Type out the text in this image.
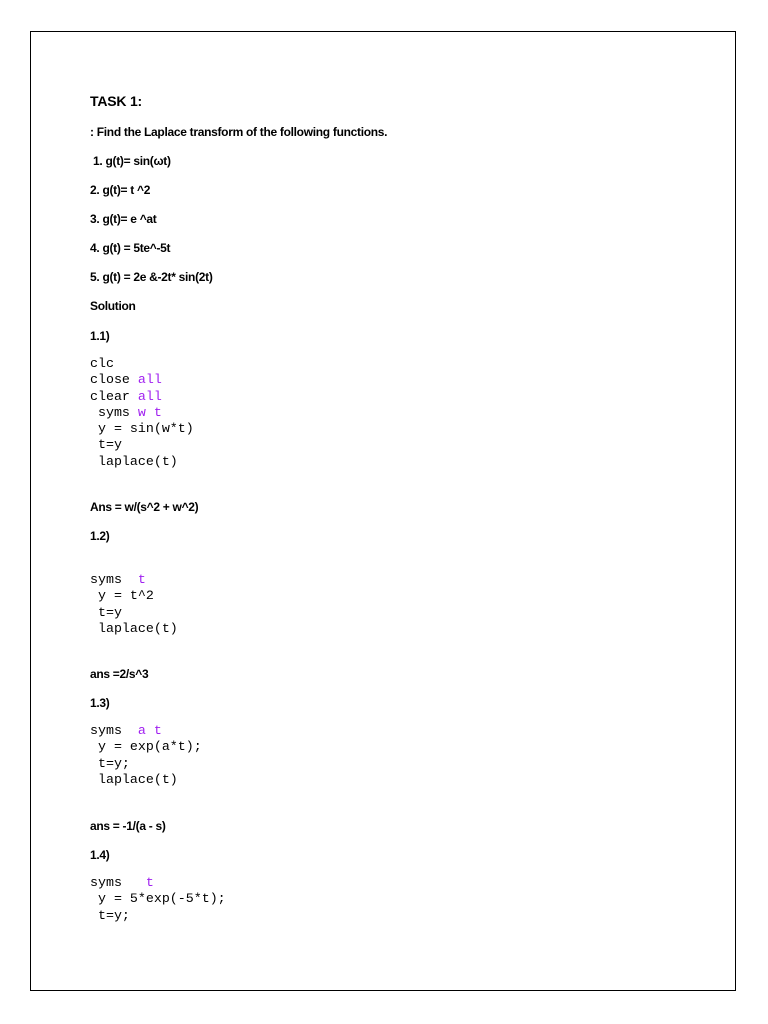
TASK 1:
: Find the Laplace transform of the following functions.
1. g(t)= sin(ωt)
2. g(t)= t ^2
3. g(t)= e ^at
4. g(t) = 5te^-5t
5. g(t) = 2e &-2t* sin(2t)
Solution
1.1)
clc
close all
clear all
syms w t
y = sin(w*t)
t=y
laplace(t)
Ans = w/(s^2 + w^2)
1.2)
syms  t
y = t^2
t=y
laplace(t)
ans =2/s^3
1.3)
syms  a t
y = exp(a*t);
t=y;
laplace(t)
ans = -1/(a - s)
1.4)
syms   t
y = 5*exp(-5*t);
t=y;
